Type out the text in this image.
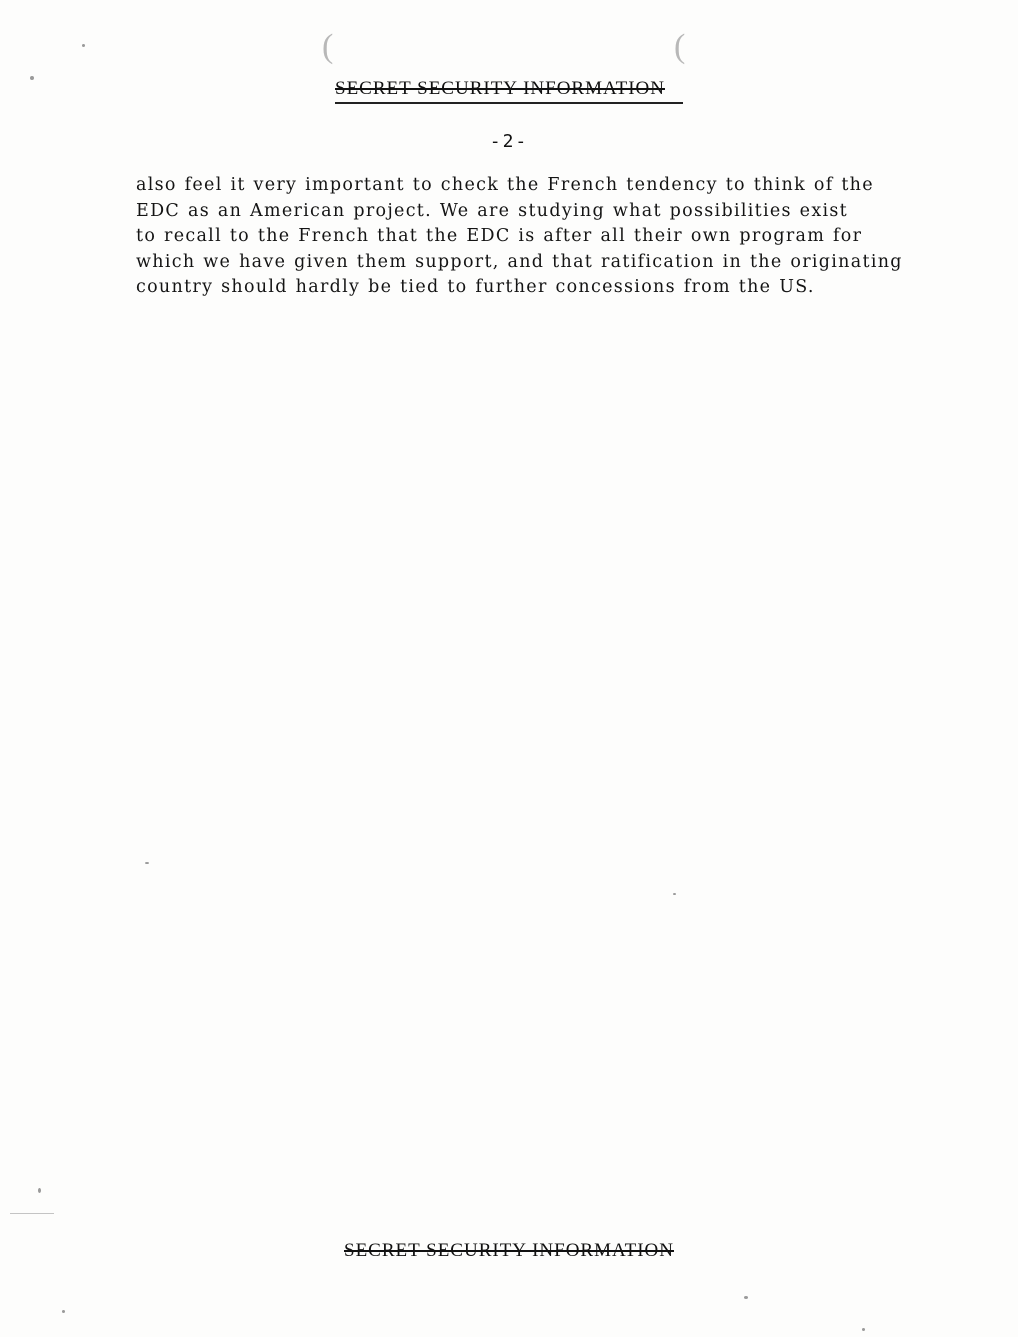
(	(
SECRET SECURITY INFORMATION
-2-

also feel it very important to check the French tendency to think of the
EDC as an American project. We are studying what possibilities exist
to recall to the French that the EDC is after all their own program for
which we have given them support, and that ratification in the originating
country should hardly be tied to further concessions from the US.

SECRET SECURITY INFORMATION
